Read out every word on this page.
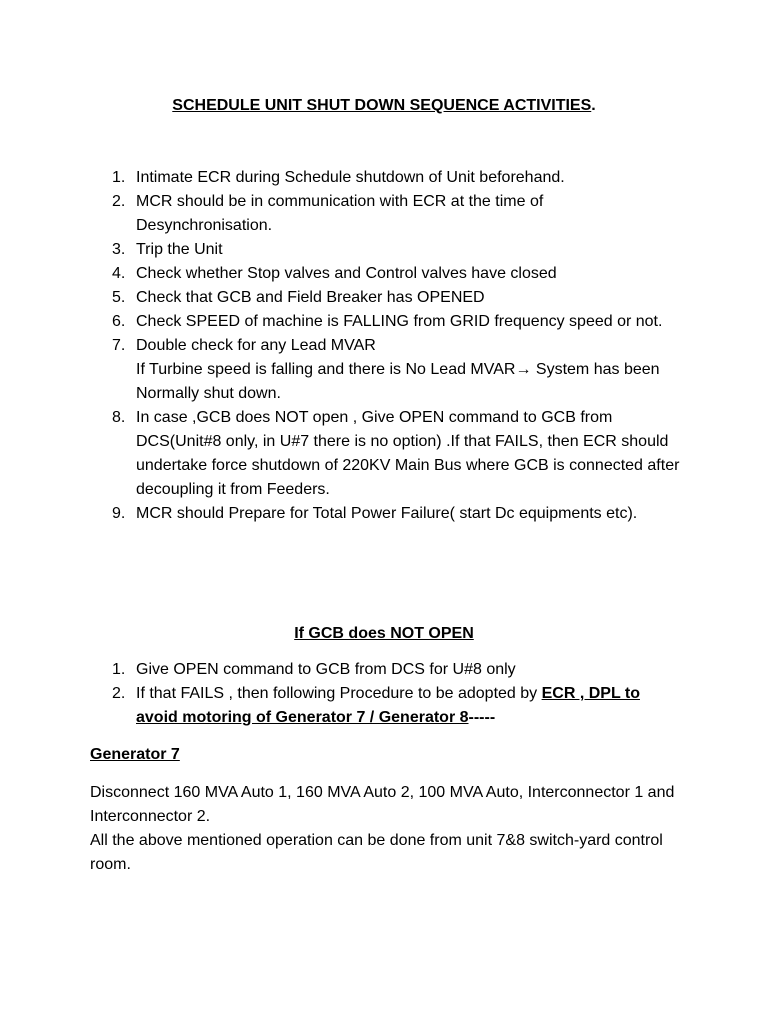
SCHEDULE UNIT SHUT DOWN SEQUENCE ACTIVITIES.
1. Intimate ECR during Schedule shutdown of Unit beforehand.
2. MCR should be in communication with ECR at the time of Desynchronisation.
3. Trip the Unit
4. Check whether Stop valves and Control valves have closed
5. Check that GCB and Field Breaker has OPENED
6. Check SPEED of machine is FALLING from GRID frequency speed or not.
7. Double check for any Lead MVAR
If Turbine speed is falling and there is No Lead MVAR→ System has been Normally shut down.
8. In case ,GCB does NOT open , Give OPEN command to GCB from DCS(Unit#8 only, in U#7 there is no option) .If that FAILS, then ECR should undertake force shutdown of 220KV Main Bus where GCB is connected after decoupling it from Feeders.
9. MCR should Prepare for Total Power Failure( start Dc equipments etc).
If GCB does NOT OPEN
1. Give OPEN command to GCB from DCS for U#8 only
2. If that FAILS , then following Procedure to be adopted by ECR , DPL to avoid motoring of Generator 7 / Generator 8-----
Generator 7
Disconnect 160 MVA Auto 1, 160 MVA Auto 2, 100 MVA Auto, Interconnector 1 and Interconnector 2.
All the above mentioned operation can be done from unit 7&8 switch-yard control room.
